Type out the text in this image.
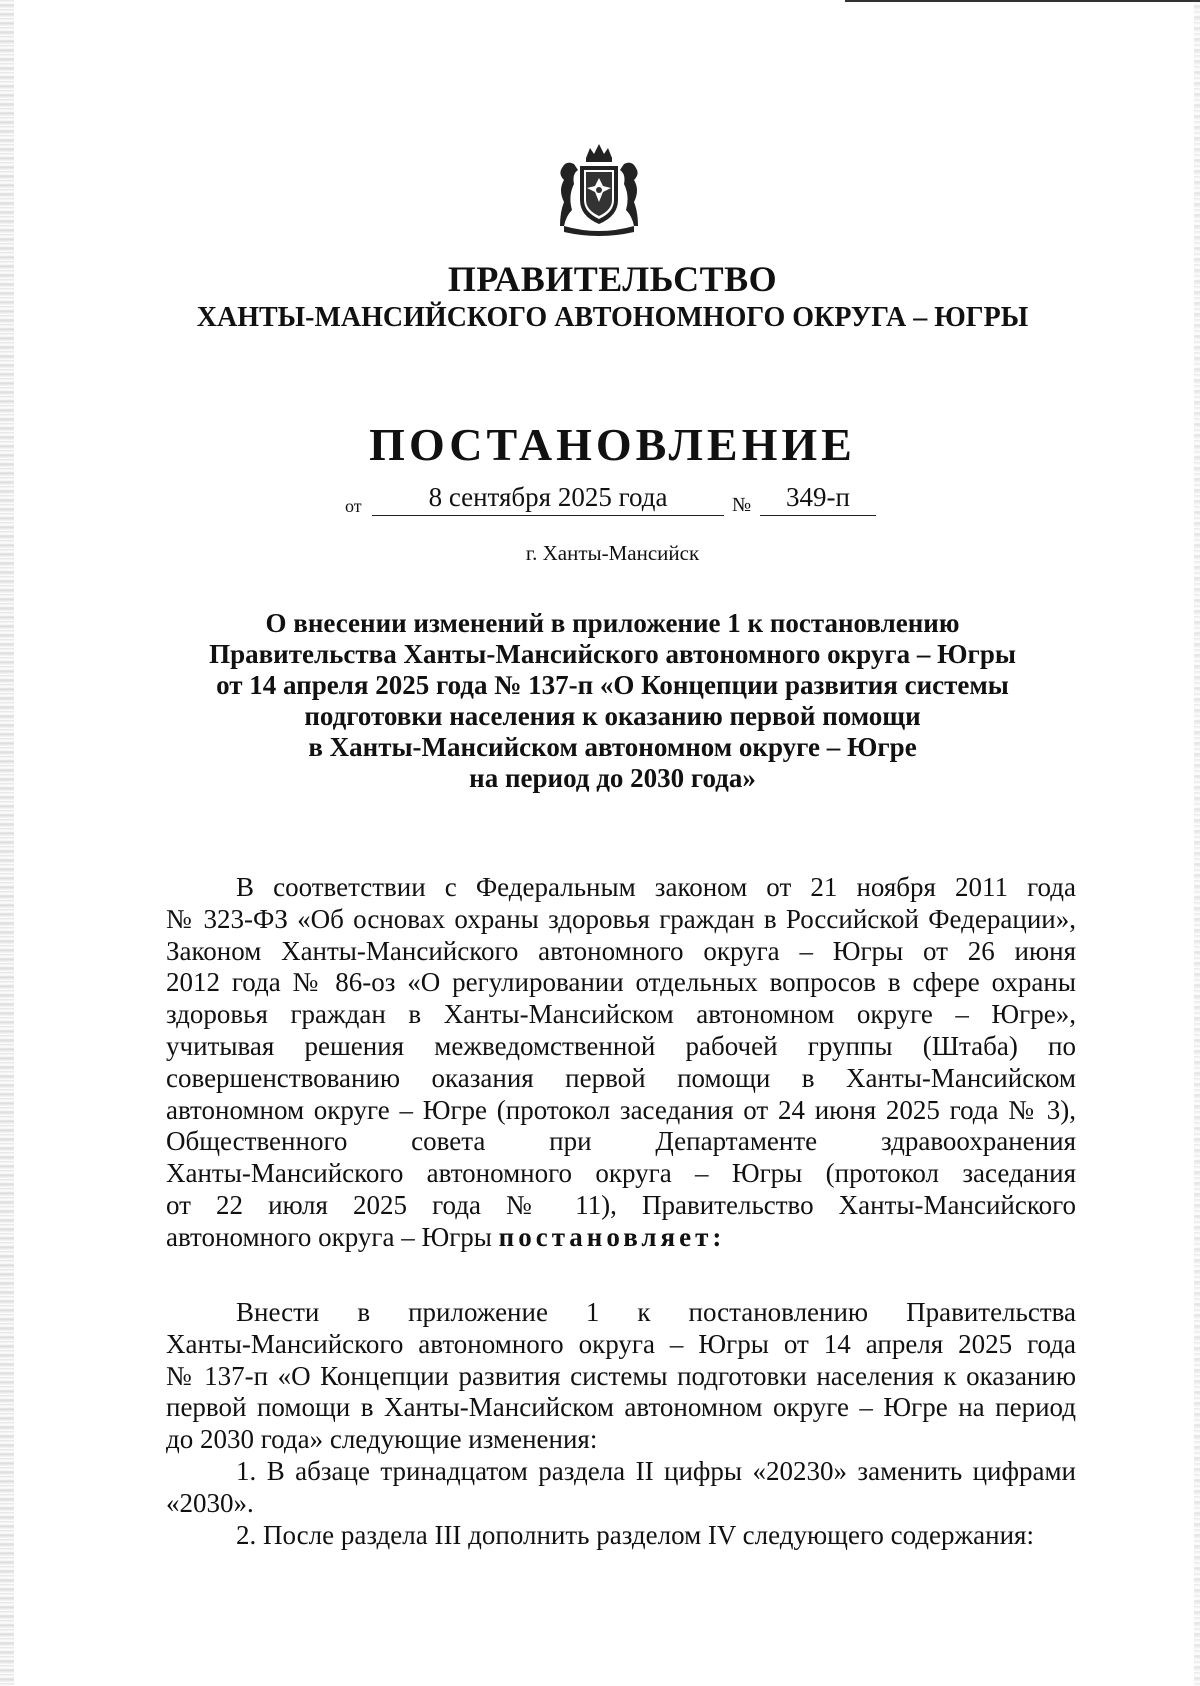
ПРАВИТЕЛЬСТВО
ХАНТЫ-МАНСИЙСКОГО АВТОНОМНОГО ОКРУГА – ЮГРЫ
ПОСТАНОВЛЕНИЕ
от	8 сентября 2025 года	№	349-п
г. Ханты-Мансийск
О внесении изменений в приложение 1 к постановлению
Правительства Ханты-Мансийского автономного округа – Югры
от 14 апреля 2025 года № 137-п «О Концепции развития системы
подготовки населения к оказанию первой помощи
в Ханты-Мансийском автономном округе – Югре
на период до 2030 года»
В соответствии с Федеральным законом от 21 ноября 2011 года
№ 323-ФЗ «Об основах охраны здоровья граждан в Российской Федерации»,
Законом Ханты-Мансийского автономного округа – Югры от 26 июня
2012 года № 86-оз «О регулировании отдельных вопросов в сфере охраны
здоровья граждан в Ханты-Мансийском автономном округе – Югре»,
учитывая решения межведомственной рабочей группы (Штаба) по
совершенствованию оказания первой помощи в Ханты-Мансийском
автономном округе – Югре (протокол заседания от 24 июня 2025 года № 3),
Общественного совета при Департаменте здравоохранения
Ханты-Мансийского автономного округа – Югры (протокол заседания
от 22 июля 2025 года № 11), Правительство Ханты-Мансийского
автономного округа – Югры постановляет:
Внести в приложение 1 к постановлению Правительства
Ханты-Мансийского автономного округа – Югры от 14 апреля 2025 года
№ 137-п «О Концепции развития системы подготовки населения к оказанию
первой помощи в Ханты-Мансийском автономном округе – Югре на период
до 2030 года» следующие изменения:
1. В абзаце тринадцатом раздела II цифры «20230» заменить цифрами
«2030».
2. После раздела III дополнить разделом IV следующего содержания:
